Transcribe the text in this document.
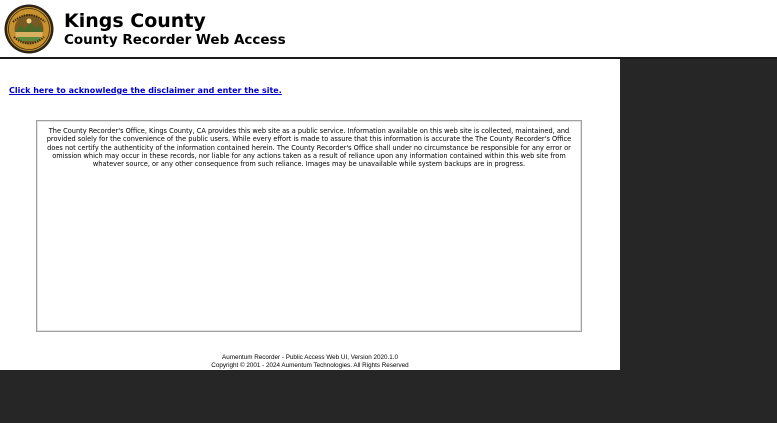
Kings County
County Recorder Web Access
Click here to acknowledge the disclaimer and enter the site.
The County Recorder's Office, Kings County, CA provides this web site as a public service. Information available on this web site is collected, maintained, and provided solely for the convenience of the public users. While every effort is made to assure that this information is accurate the The County Recorder's Office does not certify the authenticity of the information contained herein. The County Recorder's Office shall under no circumstance be responsible for any error or omission which may occur in these records, nor liable for any actions taken as a result of reliance upon any information contained within this web site from whatever source, or any other consequence from such reliance. Images may be unavailable while system backups are in progress.
Aumentum Recorder - Public Access Web UI, Version 2020.1.0
Copyright © 2001 - 2024 Aumentum Technologies. All Rights Reserved
